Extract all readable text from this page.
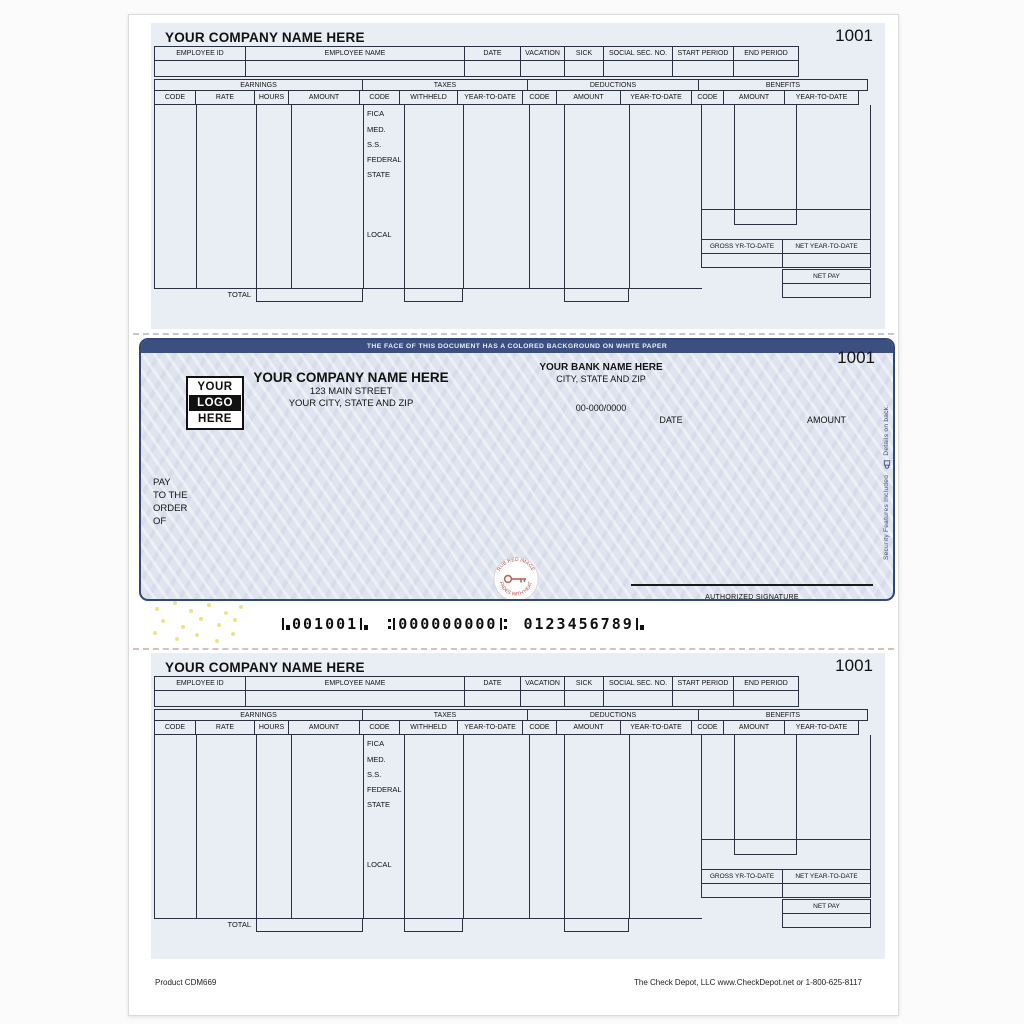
YOUR COMPANY NAME HERE	1001
EMPLOYEE ID	EMPLOYEE NAME	DATE	VACATION	SICK	SOCIAL SEC. NO.	START PERIOD	END PERIOD
EARNINGS	TAXES	DEDUCTIONS	BENEFITS
CODE	RATE	HOURS	AMOUNT	CODE	WITHHELD	YEAR-TO-DATE	CODE	AMOUNT	YEAR-TO-DATE	CODE	AMOUNT	YEAR-TO-DATE
FICA
MED.
S.S.
FEDERAL
STATE
LOCAL
GROSS YR-TO-DATE	NET YEAR-TO-DATE
NET PAY
TOTAL
THE FACE OF THIS DOCUMENT HAS A COLORED BACKGROUND ON WHITE PAPER
YOUR
LOGO
HERE
YOUR COMPANY NAME HERE
123 MAIN STREET
YOUR CITY, STATE AND ZIP
YOUR BANK NAME HERE
CITY, STATE AND ZIP
00-000/0000
DATE	AMOUNT
1001
PAY
TO THE
ORDER
OF
RUB RED IMAGE
FADES WITH HEAT
AUTHORIZED SIGNATURE
Security Features Included  Details on back.
001001	000000000 0123456789
YOUR COMPANY NAME HERE	1001
EMPLOYEE ID	EMPLOYEE NAME	DATE	VACATION	SICK	SOCIAL SEC. NO.	START PERIOD	END PERIOD
EARNINGS	TAXES	DEDUCTIONS	BENEFITS
CODE	RATE	HOURS	AMOUNT	CODE	WITHHELD	YEAR-TO-DATE	CODE	AMOUNT	YEAR-TO-DATE	CODE	AMOUNT	YEAR-TO-DATE
FICA
MED.
S.S.
FEDERAL
STATE
LOCAL
GROSS YR-TO-DATE	NET YEAR-TO-DATE
NET PAY
TOTAL
Product CDM669	The Check Depot, LLC www.CheckDepot.net or 1-800-625-8117
